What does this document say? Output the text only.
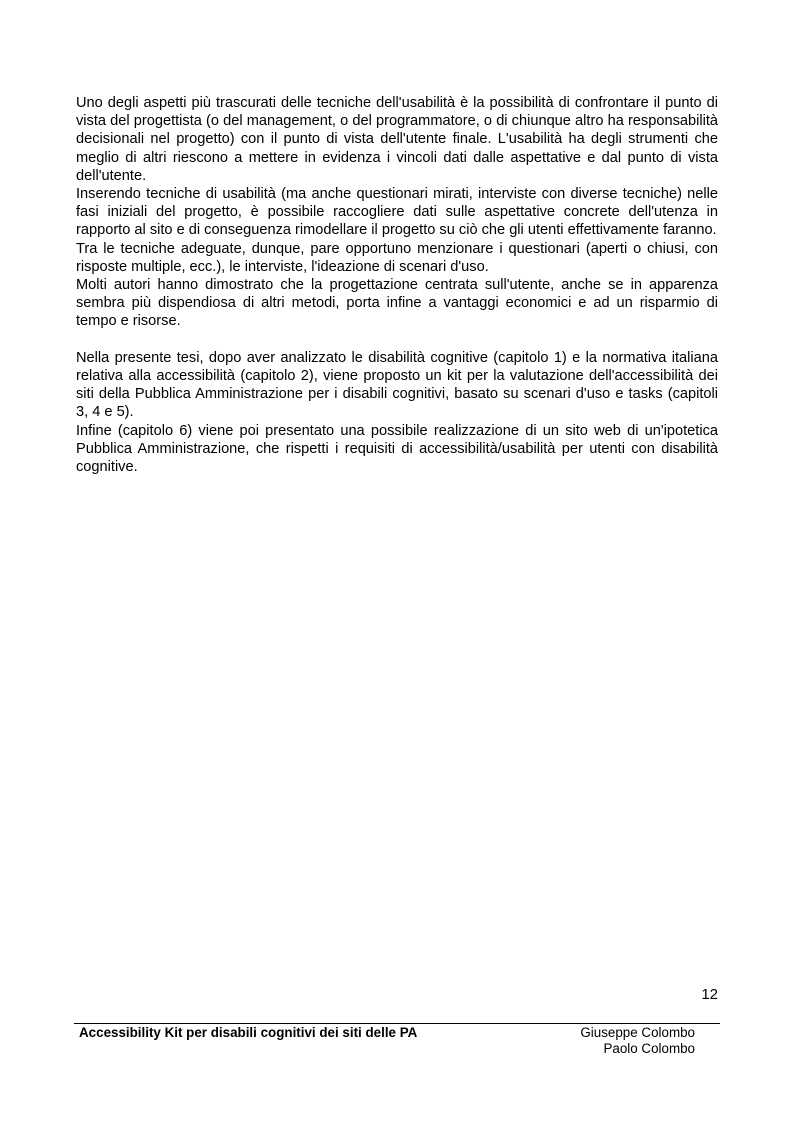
Uno degli aspetti più trascurati delle tecniche dell'usabilità è la possibilità di confrontare il punto di vista del progettista (o del management, o del programmatore, o di chiunque altro ha responsabilità decisionali nel progetto) con il punto di vista dell'utente finale. L'usabilità ha degli strumenti che meglio di altri riescono a mettere in evidenza i vincoli dati dalle aspettative e dal punto di vista dell'utente.

Inserendo tecniche di usabilità (ma anche questionari mirati, interviste con diverse tecniche) nelle fasi iniziali del progetto, è possibile raccogliere dati sulle aspettative concrete dell'utenza in rapporto al sito e di conseguenza rimodellare il progetto su ciò che gli utenti effettivamente faranno.

Tra le tecniche adeguate, dunque, pare opportuno menzionare i questionari (aperti o chiusi, con risposte multiple, ecc.), le interviste, l'ideazione di scenari d'uso.

Molti autori hanno dimostrato che la progettazione centrata sull'utente, anche se in apparenza sembra più dispendiosa di altri metodi, porta infine a vantaggi economici e ad un risparmio di tempo e risorse.

Nella presente tesi, dopo aver analizzato le disabilità cognitive (capitolo 1) e la normativa italiana relativa alla accessibilità (capitolo 2), viene proposto un kit per la valutazione dell'accessibilità dei siti della Pubblica Amministrazione per i disabili cognitivi, basato su scenari d'uso e tasks (capitoli 3, 4 e 5).

Infine (capitolo 6) viene poi presentato una possibile realizzazione di un sito web di un'ipotetica Pubblica Amministrazione, che rispetti i requisiti di accessibilità/usabilità per utenti con disabilità cognitive.

12
Accessibility Kit per disabili cognitivi dei siti delle PA	Giuseppe Colombo
Paolo Colombo
